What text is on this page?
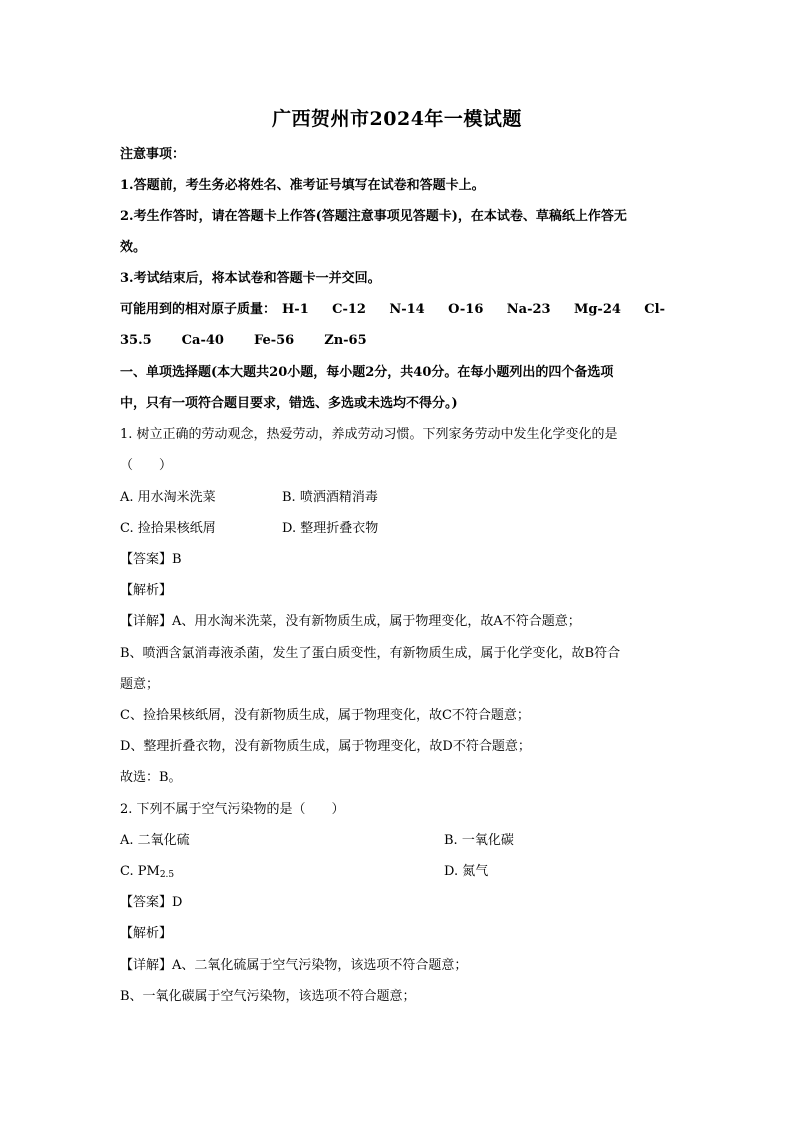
广西贺州市2024年一模试题
注意事项：
1.答题前，考生务必将姓名、准考证号填写在试卷和答题卡上。
2.考生作答时，请在答题卡上作答(答题注意事项见答题卡)，在本试卷、草稿纸上作答无
效。
3.考试结束后，将本试卷和答题卡一并交回。
可能用到的相对原子质量： H-1 C-12 N-14 O-16 Na-23 Mg-24 Cl-
35.5 Ca-40 Fe-56 Zn-65
一、单项选择题(本大题共20小题，每小题2分，共40分。在每小题列出的四个备选项
中，只有一项符合题目要求，错选、多选或未选均不得分。)
1. 树立正确的劳动观念，热爱劳动，养成劳动习惯。下列家务劳动中发生化学变化的是
（　　）
A. 用水淘米洗菜	B. 喷洒酒精消毒
C. 捡拾果核纸屑	D. 整理折叠衣物
【答案】B
【解析】
【详解】A、用水淘米洗菜，没有新物质生成，属于物理变化，故A不符合题意；
B、喷洒含氯消毒液杀菌，发生了蛋白质变性，有新物质生成，属于化学变化，故B符合
题意；
C、捡拾果核纸屑，没有新物质生成，属于物理变化，故C不符合题意；
D、整理折叠衣物，没有新物质生成，属于物理变化，故D不符合题意；
故选：B。
2. 下列不属于空气污染物的是（　　）
A. 二氧化硫	B. 一氧化碳
C. $PM_{2.5}$	D. 氮气
【答案】D
【解析】
【详解】A、二氧化硫属于空气污染物，该选项不符合题意；
B、一氧化碳属于空气污染物，该选项不符合题意；
